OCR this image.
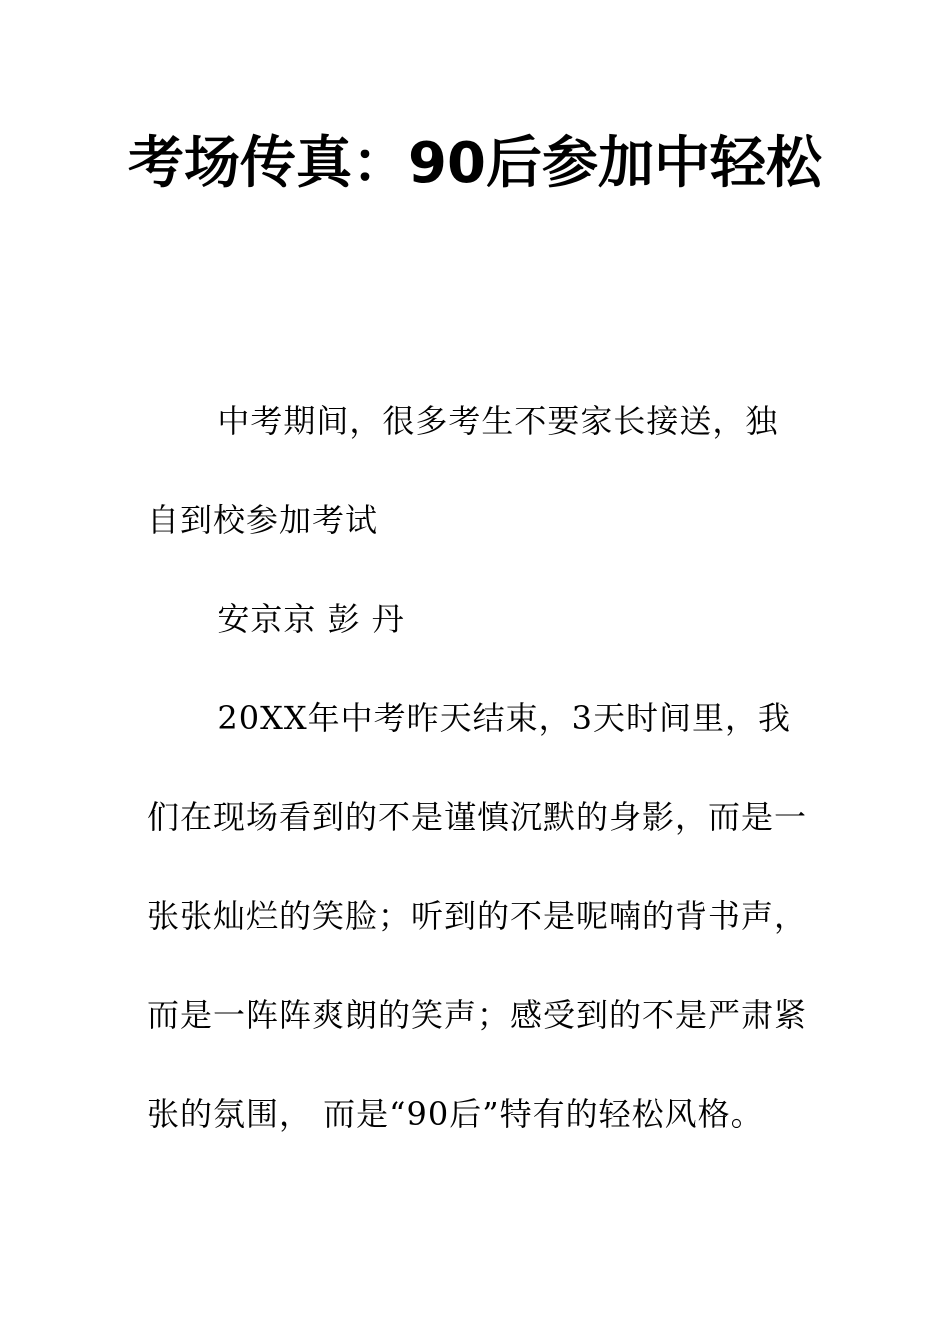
考场传真：90后参加中轻松

中考期间，很多考生不要家长接送，独自到校参加考试

安京京 彭 丹

20XX年中考昨天结束，3天时间里，我们在现场看到的不是谨慎沉默的身影，而是一张张灿烂的笑脸；听到的不是呢喃的背书声，而是一阵阵爽朗的笑声；感受到的不是严肃紧张的氛围， 而是“90后”特有的轻松风格。
